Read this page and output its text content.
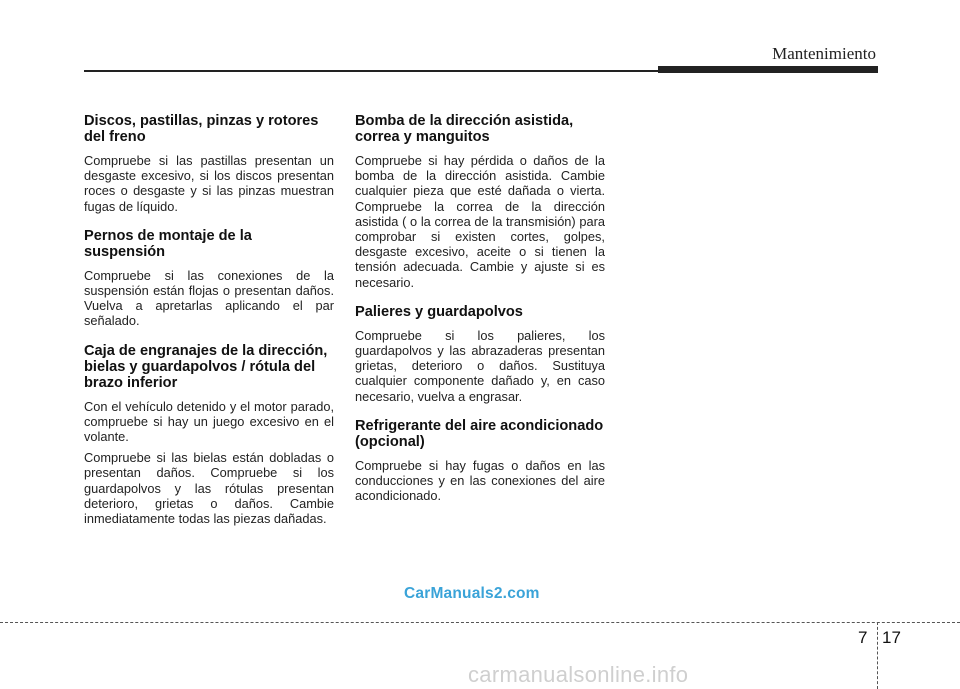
Mantenimiento
Discos, pastillas, pinzas y rotores del freno

Compruebe si las pastillas presentan un desgaste excesivo, si los discos presentan roces o desgaste y si las pinzas muestran fugas de líquido.

Pernos de montaje de la suspensión

Compruebe si las conexiones de la suspensión están flojas o presentan daños. Vuelva a apretarlas aplicando el par señalado.

Caja de engranajes de la dirección, bielas y guardapolvos / rótula del brazo inferior

Con el vehículo detenido y el motor parado, compruebe si hay un juego excesivo en el volante.

Compruebe si las bielas están dobladas o presentan daños. Compruebe si los guardapolvos y las rótulas presentan deterioro, grietas o daños. Cambie inmediatamente todas las piezas dañadas.

Bomba de la dirección asistida, correa y manguitos

Compruebe si hay pérdida o daños de la bomba de la dirección asistida. Cambie cualquier pieza que esté dañada o vierta. Compruebe la correa de la dirección asistida ( o la correa de la transmisión) para comprobar si existen cortes, golpes, desgaste excesivo, aceite o si tienen la tensión adecuada. Cambie y ajuste si es necesario.

Palieres y guardapolvos

Compruebe si los palieres, los guardapolvos y las abrazaderas presentan grietas, deterioro o daños. Sustituya cualquier componente dañado y, en caso necesario, vuelva a engrasar.

Refrigerante del aire acondicionado (opcional)

Compruebe si hay fugas o daños en las conducciones y en las conexiones del aire acondicionado.

CarManuals2.com
7 17
carmanualsonline.info
